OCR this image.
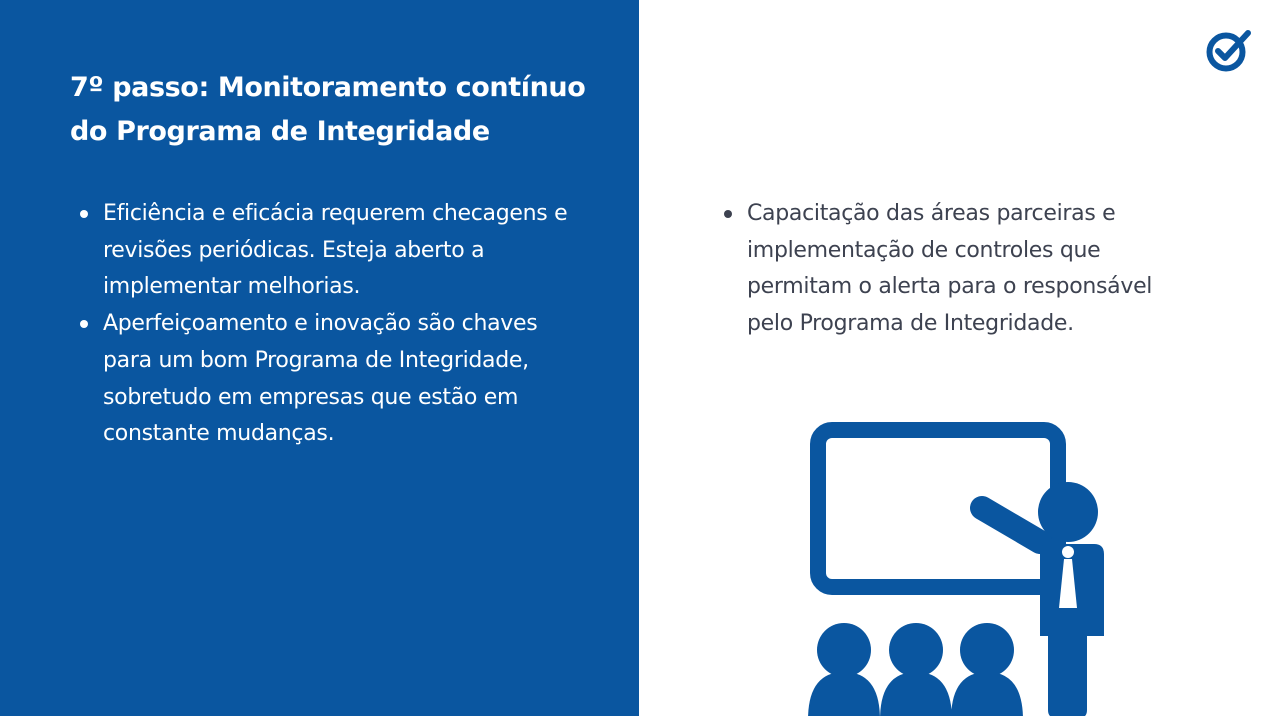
7º passo: Monitoramento contínuo do Programa de Integridade
Eficiência e eficácia requerem checagens e revisões periódicas. Esteja aberto a implementar melhorias.
Aperfeiçoamento e inovação são chaves para um bom Programa de Integridade, sobretudo em empresas que estão em constante mudanças.
Capacitação das áreas parceiras e implementação de controles que permitam o alerta para o responsável pelo Programa de Integridade.
